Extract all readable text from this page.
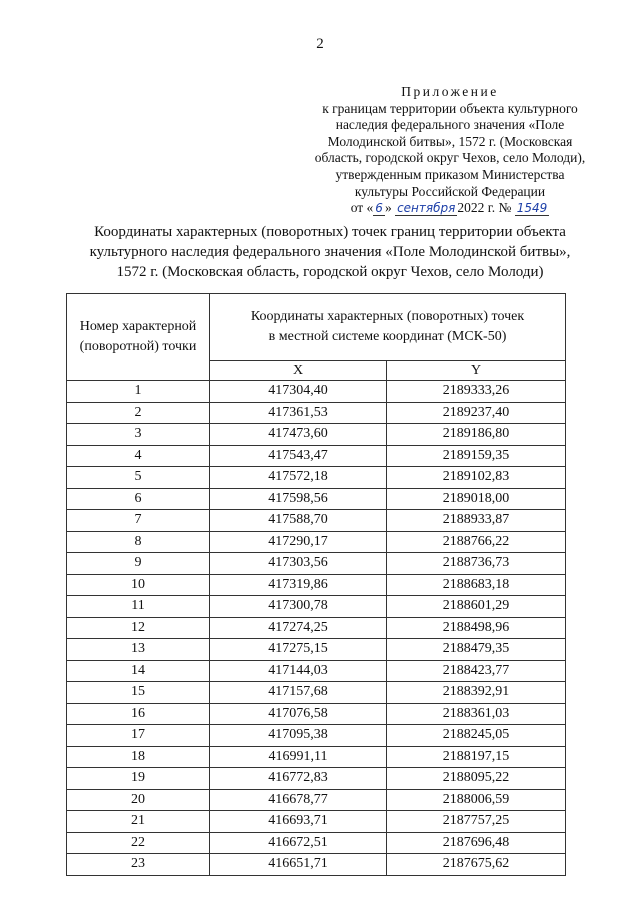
2
Приложение
к границам территории объекта культурного
наследия федерального значения «Поле
Молодинской битвы», 1572 г. (Московская
область, городской округ Чехов, село Молоди),
утвержденным приказом Министерства
культуры Российской Федерации
от « 6 » сентября 2022 г. № 1549
Координаты характерных (поворотных) точек границ территории объекта
культурного наследия федерального значения «Поле Молодинской битвы»,
1572 г. (Московская область, городской округ Чехов, село Молоди)
Номер характерной
(поворотной) точки	Координаты характерных (поворотных) точек
в местной системе координат (МСК-50)	
	X	Y
1	417304,40	2189333,26
2	417361,53	2189237,40
3	417473,60	2189186,80
4	417543,47	2189159,35
5	417572,18	2189102,83
6	417598,56	2189018,00
7	417588,70	2188933,87
8	417290,17	2188766,22
9	417303,56	2188736,73
10	417319,86	2188683,18
11	417300,78	2188601,29
12	417274,25	2188498,96
13	417275,15	2188479,35
14	417144,03	2188423,77
15	417157,68	2188392,91
16	417076,58	2188361,03
17	417095,38	2188245,05
18	416991,11	2188197,15
19	416772,83	2188095,22
20	416678,77	2188006,59
21	416693,71	2187757,25
22	416672,51	2187696,48
23	416651,71	2187675,62
